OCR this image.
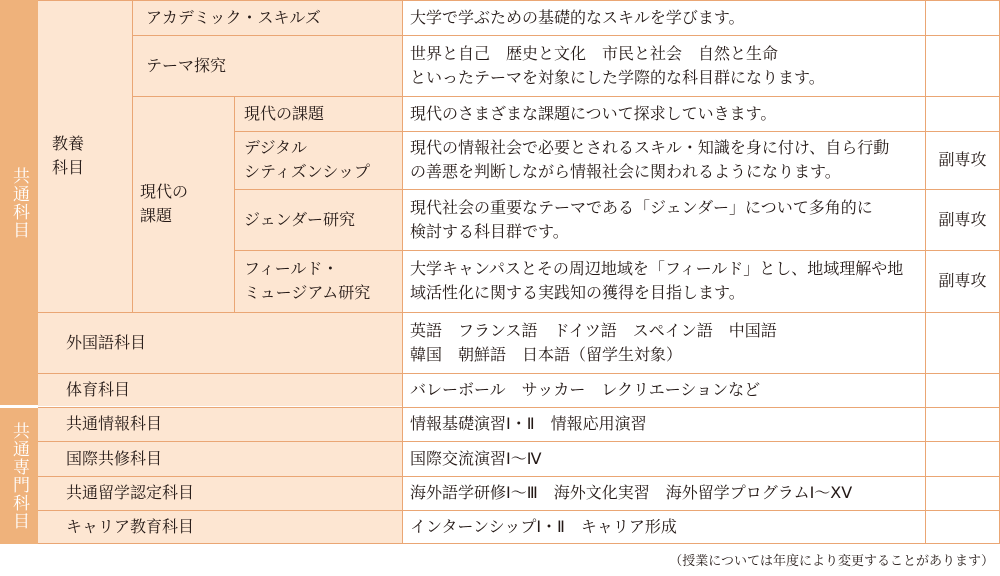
共通科目
共通専門科目
教養
科目
現代の
課題
アカデミック・スキルズ
テーマ探究
現代の課題
デジタル
シティズンシップ
ジェンダー研究
フィールド・
ミュージアム研究
外国語科目
体育科目
共通情報科目
国際共修科目
共通留学認定科目
キャリア教育科目
大学で学ぶための基礎的なスキルを学びます。
世界と自己　歴史と文化　市民と社会　自然と生命
といったテーマを対象にした学際的な科目群になります。
現代のさまざまな課題について探求していきます。
現代の情報社会で必要とされるスキル・知識を身に付け、自ら行動
の善悪を判断しながら情報社会に関われるようになります。
現代社会の重要なテーマである「ジェンダー」について多角的に
検討する科目群です。
大学キャンパスとその周辺地域を「フィールド」とし、地域理解や地
域活性化に関する実践知の獲得を目指します。
英語　フランス語　ドイツ語　スペイン語　中国語
韓国　朝鮮語　日本語（留学生対象）
バレーボール　サッカー　レクリエーションなど
情報基礎演習Ⅰ・Ⅱ　情報応用演習
国際交流演習Ⅰ～Ⅳ
海外語学研修Ⅰ～Ⅲ　海外文化実習　海外留学プログラムⅠ～ⅩⅤ
インターンシップⅠ・Ⅱ　キャリア形成
副専攻
副専攻
副専攻
（授業については年度により変更することがあります）
